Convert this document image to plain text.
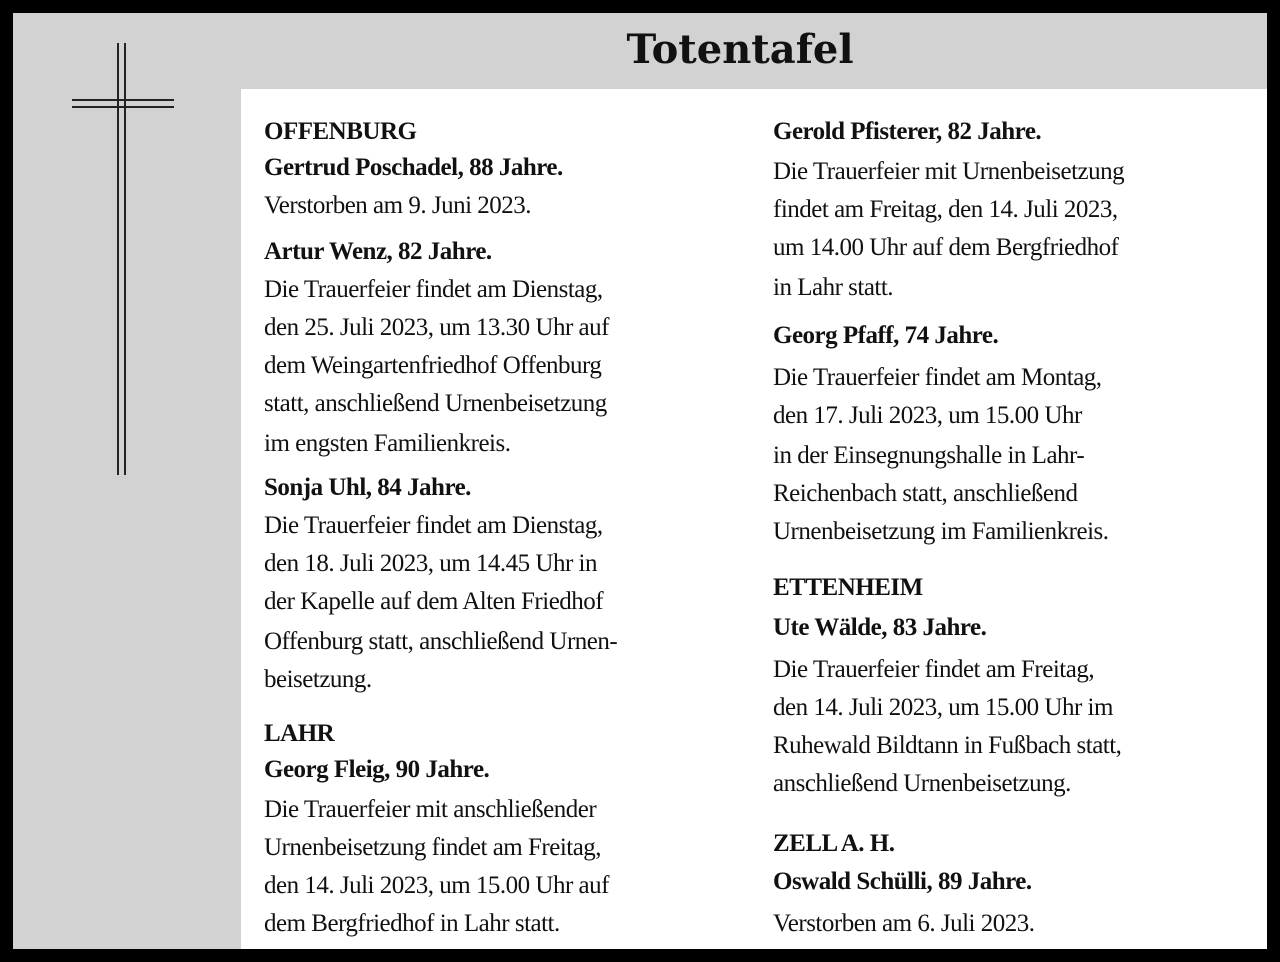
Totentafel
OFFENBURG
Gertrud Poschadel, 88 Jahre.
Verstorben am 9. Juni 2023.
Artur Wenz, 82 Jahre.
Die Trauerfeier findet am Dienstag,
den 25. Juli 2023, um 13.30 Uhr auf
dem Weingartenfriedhof Offenburg
statt, anschließend Urnenbeisetzung
im engsten Familienkreis.
Sonja Uhl, 84 Jahre.
Die Trauerfeier findet am Dienstag,
den 18. Juli 2023, um 14.45 Uhr in
der Kapelle auf dem Alten Friedhof
Offenburg statt, anschließend Urnen-
beisetzung.
LAHR
Georg Fleig, 90 Jahre.
Die Trauerfeier mit anschließender
Urnenbeisetzung findet am Freitag,
den 14. Juli 2023, um 15.00 Uhr auf
dem Bergfriedhof in Lahr statt.
Gerold Pfisterer, 82 Jahre.
Die Trauerfeier mit Urnenbeisetzung
findet am Freitag, den 14. Juli 2023,
um 14.00 Uhr auf dem Bergfriedhof
in Lahr statt.
Georg Pfaff, 74 Jahre.
Die Trauerfeier findet am Montag,
den 17. Juli 2023, um 15.00 Uhr
in der Einsegnungshalle in Lahr-
Reichenbach statt, anschließend
Urnenbeisetzung im Familienkreis.
ETTENHEIM
Ute Wälde, 83 Jahre.
Die Trauerfeier findet am Freitag,
den 14. Juli 2023, um 15.00 Uhr im
Ruhewald Bildtann in Fußbach statt,
anschließend Urnenbeisetzung.
ZELL A. H.
Oswald Schülli, 89 Jahre.
Verstorben am 6. Juli 2023.
